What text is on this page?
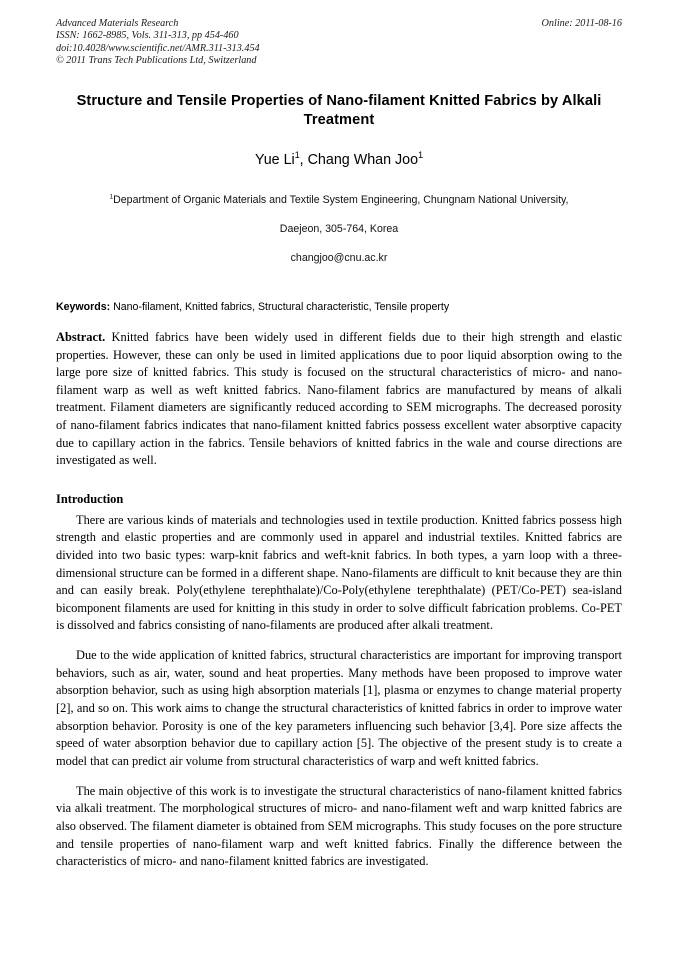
Advanced Materials Research
ISSN: 1662-8985, Vols. 311-313, pp 454-460
doi:10.4028/www.scientific.net/AMR.311-313.454
© 2011 Trans Tech Publications Ltd, Switzerland
Online: 2011-08-16
Structure and Tensile Properties of Nano-filament Knitted Fabrics by Alkali Treatment
Yue Li$^1$, Chang Whan Joo$^1$
$^1$Department of Organic Materials and Textile System Engineering, Chungnam National University,
Daejeon, 305-764, Korea
changjoo@cnu.ac.kr
Keywords: Nano-filament, Knitted fabrics, Structural characteristic, Tensile property
Abstract. Knitted fabrics have been widely used in different fields due to their high strength and elastic properties. However, these can only be used in limited applications due to poor liquid absorption owing to the large pore size of knitted fabrics. This study is focused on the structural characteristics of micro- and nano-filament warp as well as weft knitted fabrics. Nano-filament fabrics are manufactured by means of alkali treatment. Filament diameters are significantly reduced according to SEM micrographs. The decreased porosity of nano-filament fabrics indicates that nano-filament knitted fabrics possess excellent water absorptive capacity due to capillary action in the fabrics. Tensile behaviors of knitted fabrics in the wale and course directions are investigated as well.
Introduction

There are various kinds of materials and technologies used in textile production. Knitted fabrics possess high strength and elastic properties and are commonly used in apparel and industrial textiles. Knitted fabrics are divided into two basic types: warp-knit fabrics and weft-knit fabrics. In both types, a yarn loop with a three-dimensional structure can be formed in a different shape. Nano-filaments are difficult to knit because they are thin and can easily break. Poly(ethylene terephthalate)/Co-Poly(ethylene terephthalate) (PET/Co-PET) sea-island bicomponent filaments are used for knitting in this study in order to solve difficult fabrication problems. Co-PET is dissolved and fabrics consisting of nano-filaments are produced after alkali treatment.

Due to the wide application of knitted fabrics, structural characteristics are important for improving transport behaviors, such as air, water, sound and heat properties. Many methods have been proposed to improve water absorption behavior, such as using high absorption materials [1], plasma or enzymes to change material property [2], and so on. This work aims to change the structural characteristics of knitted fabrics in order to improve water absorption behavior. Porosity is one of the key parameters influencing such behavior [3,4]. Pore size affects the speed of water absorption behavior due to capillary action [5]. The objective of the present study is to create a model that can predict air volume from structural characteristics of warp and weft knitted fabrics.

The main objective of this work is to investigate the structural characteristics of nano-filament knitted fabrics via alkali treatment. The morphological structures of micro- and nano-filament weft and warp knitted fabrics are also observed. The filament diameter is obtained from SEM micrographs. This study focuses on the pore structure and tensile properties of nano-filament warp and weft knitted fabrics. Finally the difference between the characteristics of micro- and nano-filament knitted fabrics are investigated.
